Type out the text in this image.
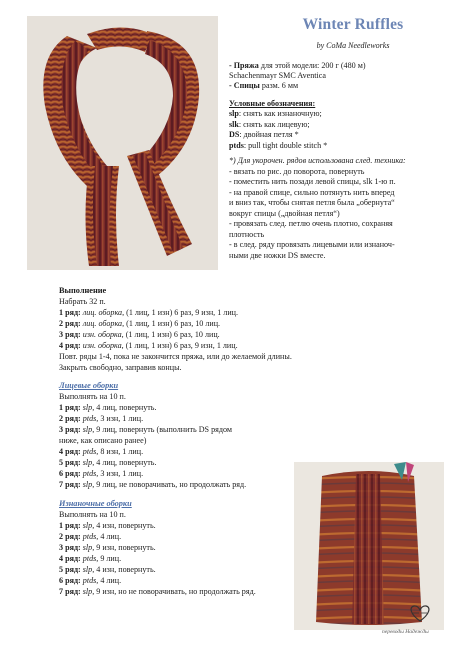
Winter Ruffles
by CoMa Needleworks
- Пряжа для этой модели: 200 г (480 м)
Schachenmayr SMC Aventica
- Спицы разм. 6 мм
Условные обозначения:
slp: снять как изнаночную;
slk: снять как лицевую;
DS: двойная петля *
ptds: pull tight double stitch *
*) Для укорочен. рядов использована след. техника:
- вязать по рис. до поворота, повернуть
- поместить нить позади левой спицы, slk 1-ю п.
- на правой спице, сильно потянуть нить вперед
и вниз так, чтобы снятая петля была „обернута“
вокруг спицы („двойная петля“)
- провязать след. петлю очень плотно, сохраняя
плотность
- в след. ряду провязать лицевыми или изнаноч-
ными две ножки DS вместе.
Выполнение
Набрать 32 п.
1 ряд: лиц. оборка, (1 лиц, 1 изн) 6 раз, 9 изн, 1 лиц.
2 ряд: лиц. оборка, (1 лиц, 1 изн) 6 раз, 10 лиц.
3 ряд: изн. оборка, (1 лиц, 1 изн) 6 раз, 10 лиц.
4 ряд: изн. оборка, (1 лиц, 1 изн) 6 раз, 9 изн, 1 лиц.
Повт. ряды 1-4, пока не закончится пряжа, или до желаемой длины.
Закрыть свободно, заправив концы.
Лицевые оборки
Выполнять на 10 п.
1 ряд: slp, 4 лиц, повернуть.
2 ряд: ptds, 3 изн, 1 лиц.
3 ряд: slp, 9 лиц, повернуть (выполнить DS рядом
ниже, как описано ранее)
4 ряд: ptds, 8 изн, 1 лиц.
5 ряд: slp, 4 лиц, повернуть.
6 ряд: ptds, 3 изн, 1 лиц.
7 ряд: slp, 9 лиц, не поворачивать, но продолжать ряд.
Изнаночные оборки
Выполнять на 10 п.
1 ряд: slp, 4 изн, повернуть.
2 ряд: ptds, 4 лиц.
3 ряд: slp, 9 изн, повернуть.
4 ряд: ptds, 9 лиц.
5 ряд: slp, 4 изн, повернуть.
6 ряд: ptds, 4 лиц.
7 ряд: slp, 9 изн, но не поворачивать, но продолжать ряд.
переводы Надежды
